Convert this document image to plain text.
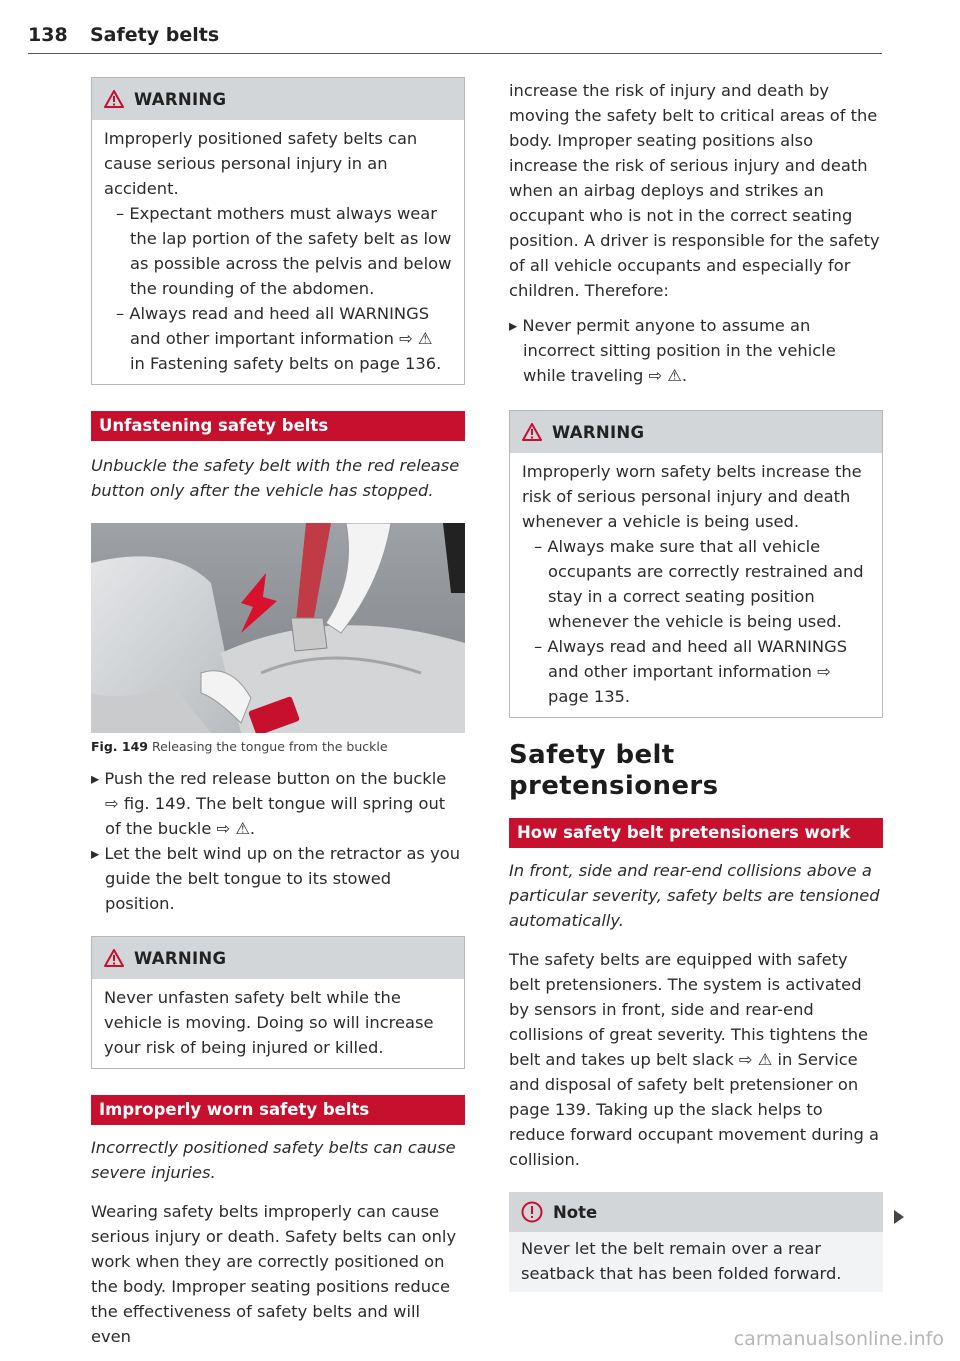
138 Safety belts
WARNING

Improperly positioned safety belts can cause serious personal injury in an accident.

– Expectant mothers must always wear the lap portion of the safety belt as low as possible across the pelvis and below the rounding of the abdomen.
– Always read and heed all WARNINGS and other important information ⇨ ⚠ in Fastening safety belts on page 136.
Unfastening safety belts

Unbuckle the safety belt with the red release button only after the vehicle has stopped.

B4H-0270
Fig. 149 Releasing the tongue from the buckle
▸ Push the red release button on the buckle ⇨ fig. 149. The belt tongue will spring out of the buckle ⇨ ⚠.
▸ Let the belt wind up on the retractor as you guide the belt tongue to its stowed position.
WARNING

Never unfasten safety belt while the vehicle is moving. Doing so will increase your risk of being injured or killed.

Improperly worn safety belts

Incorrectly positioned safety belts can cause severe injuries.

Wearing safety belts improperly can cause serious injury or death. Safety belts can only work when they are correctly positioned on the body. Improper seating positions reduce the effectiveness of safety belts and will even

increase the risk of injury and death by moving the safety belt to critical areas of the body. Improper seating positions also increase the risk of serious injury and death when an airbag deploys and strikes an occupant who is not in the correct seating position. A driver is responsible for the safety of all vehicle occupants and especially for children. Therefore:

▸ Never permit anyone to assume an incorrect sitting position in the vehicle while traveling ⇨ ⚠.
WARNING

Improperly worn safety belts increase the risk of serious personal injury and death whenever a vehicle is being used.

– Always make sure that all vehicle occupants are correctly restrained and stay in a correct seating position whenever the vehicle is being used.
– Always read and heed all WARNINGS and other important information ⇨ page 135.
Safety belt pretensioners
How safety belt pretensioners work

In front, side and rear-end collisions above a particular severity, safety belts are tensioned automatically.

The safety belts are equipped with safety belt pretensioners. The system is activated by sensors in front, side and rear-end collisions of great severity. This tightens the belt and takes up belt slack ⇨ ⚠ in Service and disposal of safety belt pretensioner on page 139. Taking up the slack helps to reduce forward occupant movement during a collision.

Note

Never let the belt remain over a rear seatback that has been folded forward.

carmanualsonline.info
